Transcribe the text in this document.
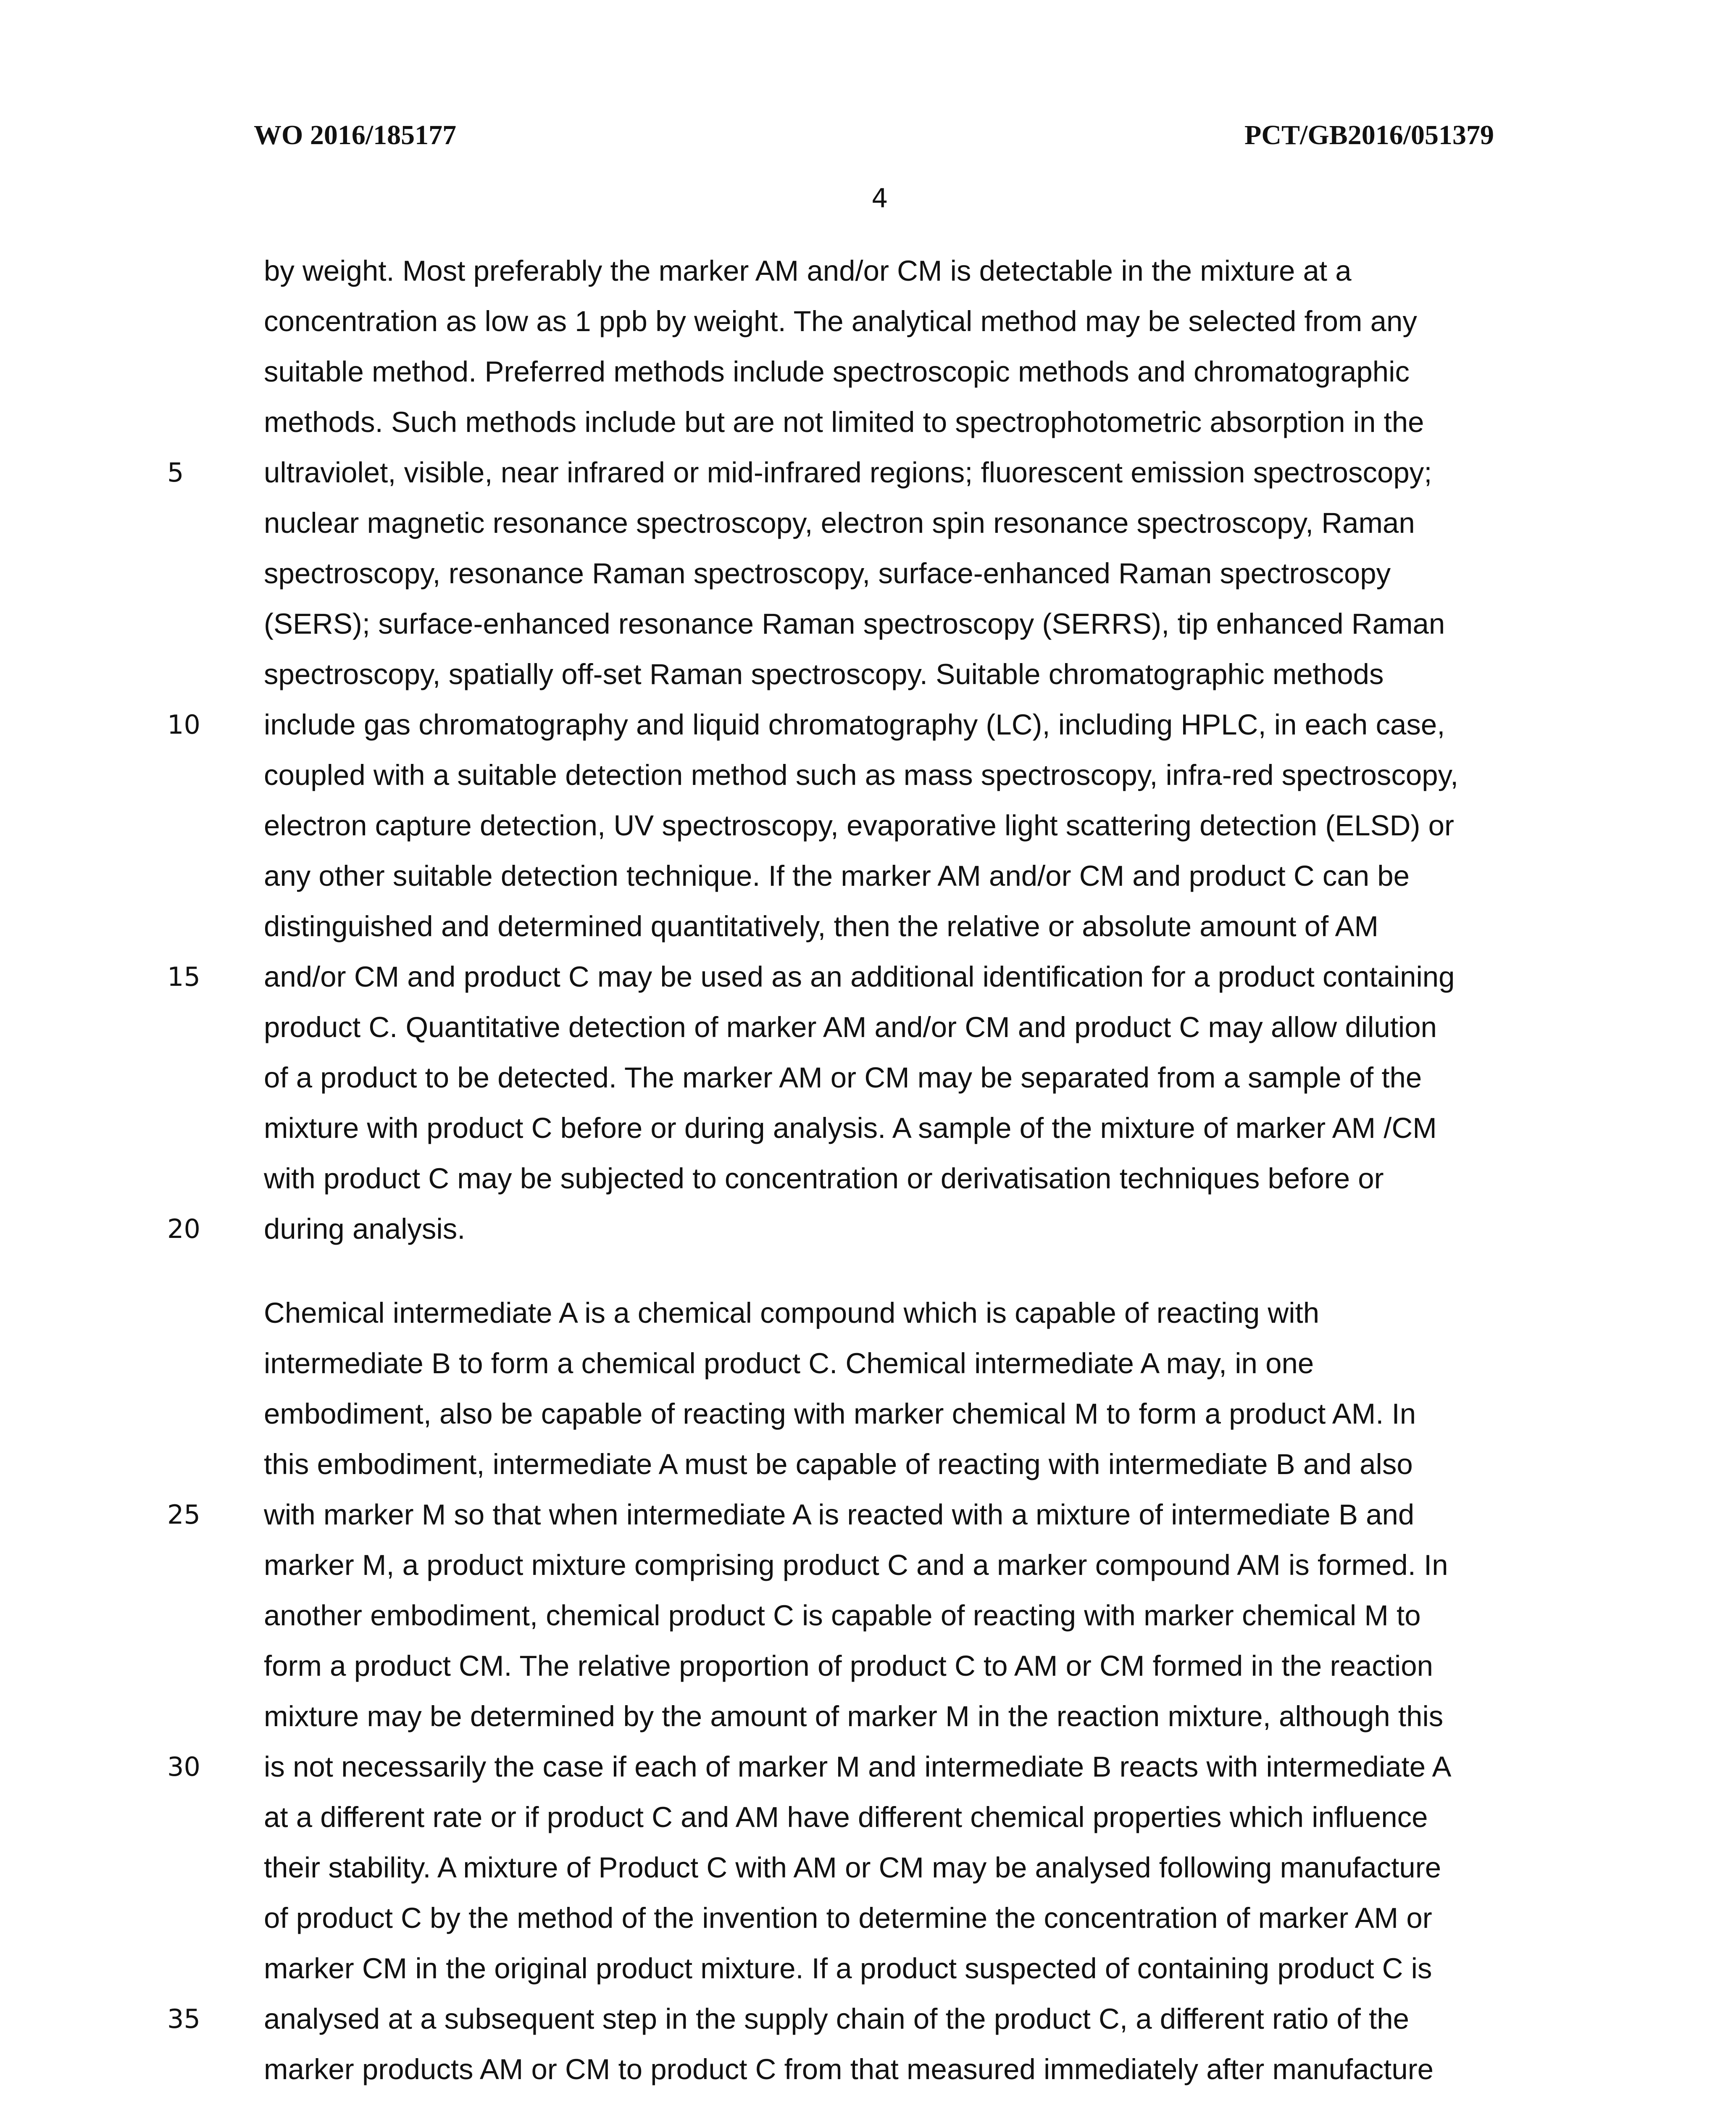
WO 2016/185177	PCT/GB2016/051379
4
by weight. Most preferably the marker AM and/or CM is detectable in the mixture at a
concentration as low as 1 ppb by weight. The analytical method may be selected from any
suitable method. Preferred methods include spectroscopic methods and chromatographic
methods. Such methods include but are not limited to spectrophotometric absorption in the
ultraviolet, visible, near infrared or mid-infrared regions; fluorescent emission spectroscopy;
nuclear magnetic resonance spectroscopy, electron spin resonance spectroscopy, Raman
spectroscopy, resonance Raman spectroscopy, surface-enhanced Raman spectroscopy
(SERS); surface-enhanced resonance Raman spectroscopy (SERRS), tip enhanced Raman
spectroscopy, spatially off-set Raman spectroscopy. Suitable chromatographic methods
include gas chromatography and liquid chromatography (LC), including HPLC, in each case,
coupled with a suitable detection method such as mass spectroscopy, infra-red spectroscopy,
electron capture detection, UV spectroscopy, evaporative light scattering detection (ELSD) or
any other suitable detection technique. If the marker AM and/or CM and product C can be
distinguished and determined quantitatively, then the relative or absolute amount of AM
and/or CM and product C may be used as an additional identification for a product containing
product C. Quantitative detection of marker AM and/or CM and product C may allow dilution
of a product to be detected. The marker AM or CM may be separated from a sample of the
mixture with product C before or during analysis. A sample of the mixture of marker AM /CM
with product C may be subjected to concentration or derivatisation techniques before or
during analysis.
Chemical intermediate A is a chemical compound which is capable of reacting with
intermediate B to form a chemical product C. Chemical intermediate A may, in one
embodiment, also be capable of reacting with marker chemical M to form a product AM. In
this embodiment, intermediate A must be capable of reacting with intermediate B and also
with marker M so that when intermediate A is reacted with a mixture of intermediate B and
marker M, a product mixture comprising product C and a marker compound AM is formed. In
another embodiment, chemical product C is capable of reacting with marker chemical M to
form a product CM. The relative proportion of product C to AM or CM formed in the reaction
mixture may be determined by the amount of marker M in the reaction mixture, although this
is not necessarily the case if each of marker M and intermediate B reacts with intermediate A
at a different rate or if product C and AM have different chemical properties which influence
their stability. A mixture of Product C with AM or CM may be analysed following manufacture
of product C by the method of the invention to determine the concentration of marker AM or
marker CM in the original product mixture. If a product suspected of containing product C is
analysed at a subsequent step in the supply chain of the product C, a different ratio of the
marker products AM or CM to product C from that measured immediately after manufacture
5
10
15
20
25
30
35
